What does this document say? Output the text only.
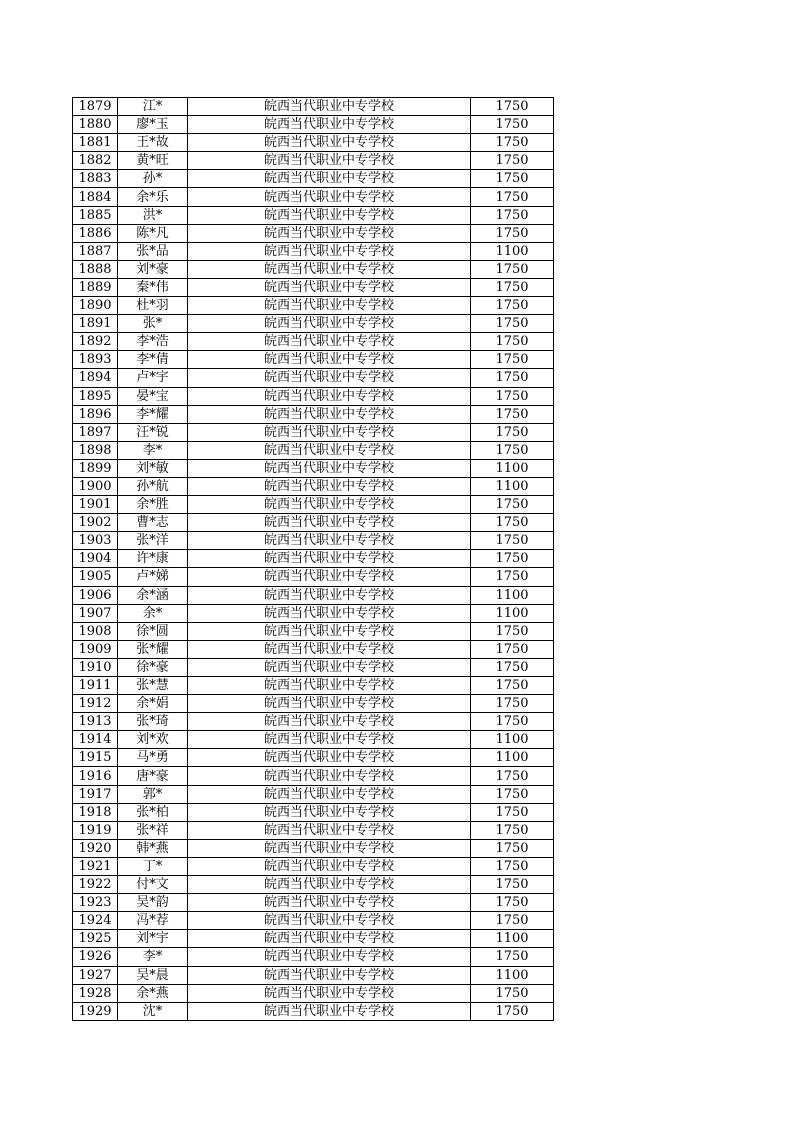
1879	江*	皖西当代职业中专学校	1750
1880	廖*玉	皖西当代职业中专学校	1750
1881	王*故	皖西当代职业中专学校	1750
1882	黄*旺	皖西当代职业中专学校	1750
1883	孙*	皖西当代职业中专学校	1750
1884	余*乐	皖西当代职业中专学校	1750
1885	洪*	皖西当代职业中专学校	1750
1886	陈*凡	皖西当代职业中专学校	1750
1887	张*品	皖西当代职业中专学校	1100
1888	刘*豪	皖西当代职业中专学校	1750
1889	秦*伟	皖西当代职业中专学校	1750
1890	杜*羽	皖西当代职业中专学校	1750
1891	张*	皖西当代职业中专学校	1750
1892	李*浩	皖西当代职业中专学校	1750
1893	李*倩	皖西当代职业中专学校	1750
1894	卢*宇	皖西当代职业中专学校	1750
1895	晏*宝	皖西当代职业中专学校	1750
1896	李*耀	皖西当代职业中专学校	1750
1897	汪*锐	皖西当代职业中专学校	1750
1898	李*	皖西当代职业中专学校	1750
1899	刘*敏	皖西当代职业中专学校	1100
1900	孙*航	皖西当代职业中专学校	1100
1901	余*胜	皖西当代职业中专学校	1750
1902	曹*志	皖西当代职业中专学校	1750
1903	张*洋	皖西当代职业中专学校	1750
1904	许*康	皖西当代职业中专学校	1750
1905	卢*娣	皖西当代职业中专学校	1750
1906	余*涵	皖西当代职业中专学校	1100
1907	余*	皖西当代职业中专学校	1100
1908	徐*圆	皖西当代职业中专学校	1750
1909	张*耀	皖西当代职业中专学校	1750
1910	徐*豪	皖西当代职业中专学校	1750
1911	张*慧	皖西当代职业中专学校	1750
1912	余*娟	皖西当代职业中专学校	1750
1913	张*琦	皖西当代职业中专学校	1750
1914	刘*欢	皖西当代职业中专学校	1100
1915	马*勇	皖西当代职业中专学校	1100
1916	唐*豪	皖西当代职业中专学校	1750
1917	郭*	皖西当代职业中专学校	1750
1918	张*柏	皖西当代职业中专学校	1750
1919	张*祥	皖西当代职业中专学校	1750
1920	韩*燕	皖西当代职业中专学校	1750
1921	丁*	皖西当代职业中专学校	1750
1922	付*文	皖西当代职业中专学校	1750
1923	吴*韵	皖西当代职业中专学校	1750
1924	冯*荐	皖西当代职业中专学校	1750
1925	刘*宇	皖西当代职业中专学校	1100
1926	李*	皖西当代职业中专学校	1750
1927	吴*晨	皖西当代职业中专学校	1100
1928	余*燕	皖西当代职业中专学校	1750
1929	沈*	皖西当代职业中专学校	1750
